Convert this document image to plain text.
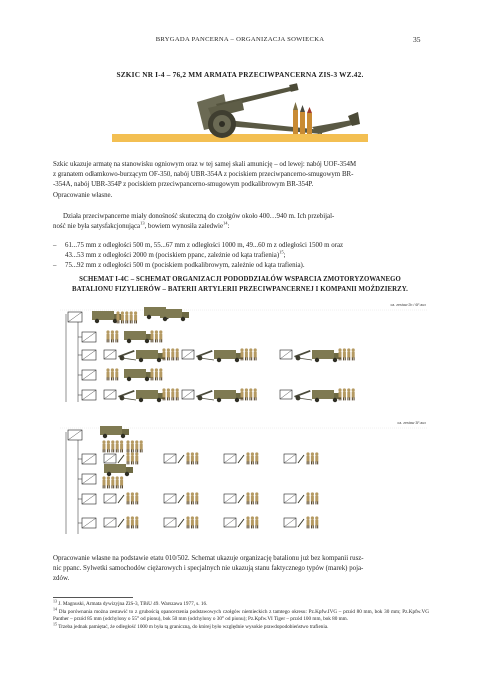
BRYGADA PANCERNA – ORGANIZACJA SOWIECKA	35
SZKIC NR I-4 – 76,2 MM ARMATA PRZECIWPANCERNA ZIS-3 WZ.42.
Szkic ukazuje armatę na stanowisku ogniowym oraz w tej samej skali amunicję – od lewej: nabój UOF-354M
z granatem odłamkowo-burzącym OF-350, nabój UBR-354A z pociskiem przeciwpancerno-smugowym BR-
-354A, nabój UBR-354P z pociskiem przeciwpancerno-smugowym podkalibrowym BR-354P.
Opracowanie własne.
Działa przeciwpancerne miały donośność skuteczną do czołgów około 400…940 m. Ich przebijal-
ność nie była satysfakcjonująca$^{13}$, bowiem wynosiła zaledwie$^{14}$:
– 61...75 mm z odległości 500 m, 55...67 mm z odległości 1000 m, 49...60 m z odległości 1500 m oraz
43...53 mm z odległości 2000 m (pociskiem ppanc, zależnie od kąta trafienia)$^{15}$;
– 75...92 mm z odległości 500 m (pociskiem podkalibrowym, zależnie od kąta trafienia).
SCHEMAT I-4C – SCHEMAT ORGANIZACJI PODODDZIAŁÓW WSPARCIA ZMOTORYZOWANEGO
BATALIONU FIZYLIERÓW – BATERII ARTYLERII PRZECIWPANCERNEJ I KOMPANII MOŹDZIERZY.
ca. zestaw 2b / 6F.aux
ca. zestaw 3F.aux
Opracowanie własne na podstawie etatu 010/502. Schemat ukazuje organizację batalionu już bez kompanii rusz-
nic ppanc. Sylwetki samochodów ciężarowych i specjalnych nie ukazują stanu faktycznego typów (marek) poja-
zdów.
$^{13}$ J. Magnuski, Armata dywizyjna ZiS-3, TBiU 49. Warszawa 1977, s. 16.
$^{14}$ Dla porównania można zestawić to z grubością opancerzenia podstawowych czołgów niemieckich z tamtego okresu: Pz.Kpfw.IVG – przód 80 mm, bok 30 mm; Pz.Kpfw.VG Panther – przód 85 mm (odchylony o 55° od pionu), bok 50 mm (odchylony o 30° od pionu); Pz.Kpfw.VI Tiger – przód 100 mm, bok 80 mm.
$^{15}$ Trzeba jednak pamiętać, że odległość 1000 m była tą graniczną, do której było względnie wysokie prawdopodobieństwo trafienia.
